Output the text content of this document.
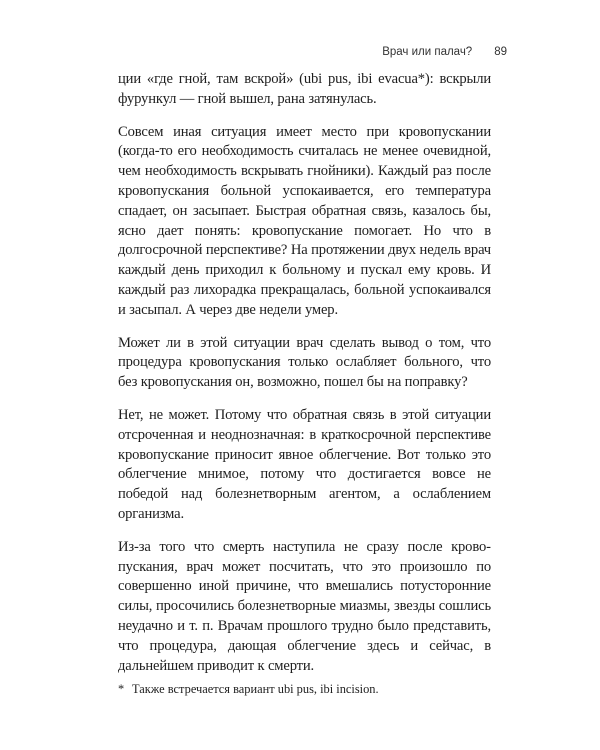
Врач или палач? 89

ции «где гной, там вскрой» (ubi pus, ibi evacua*): вскрыли фурункул — гной вышел, рана затянулась.

Совсем иная ситуация имеет место при кровопускании (когда-то его необходимость считалась не менее очевидной, чем необходимость вскрывать гнойники). Каждый раз после кровопускания больной успокаивается, его температура спадает, он засыпает. Быстрая обратная связь, казалось бы, ясно дает понять: кровопускание помогает. Но что в долгосрочной перспективе? На протяжении двух недель врач каждый день приходил к больному и пускал ему кровь. И каждый раз лихорадка прекращалась, больной успокаивался и засыпал. А через две недели умер.

Может ли в этой ситуации врач сделать вывод о том, что процедура кровопускания только ослабляет больного, что без кровопускания он, возможно, пошел бы на поправку?

Нет, не может. Потому что обратная связь в этой ситуации отсроченная и неоднозначная: в краткосрочной перспективе кровопускание приносит явное облегчение. Вот только это облегчение мнимое, потому что достигается вовсе не победой над болезнетворным агентом, а ослаблением организма.

Из-за того что смерть наступила не сразу после кровопускания, врач может посчитать, что это произошло по совершенно иной причине, что вмешались потусторонние силы, просочились болезнетворные миазмы, звезды сошлись неудачно и т. п. Врачам прошлого трудно было представить, что процедура, дающая облегчение здесь и сейчас, в дальнейшем приводит к смерти.

* Также встречается вариант ubi pus, ibi incision.
